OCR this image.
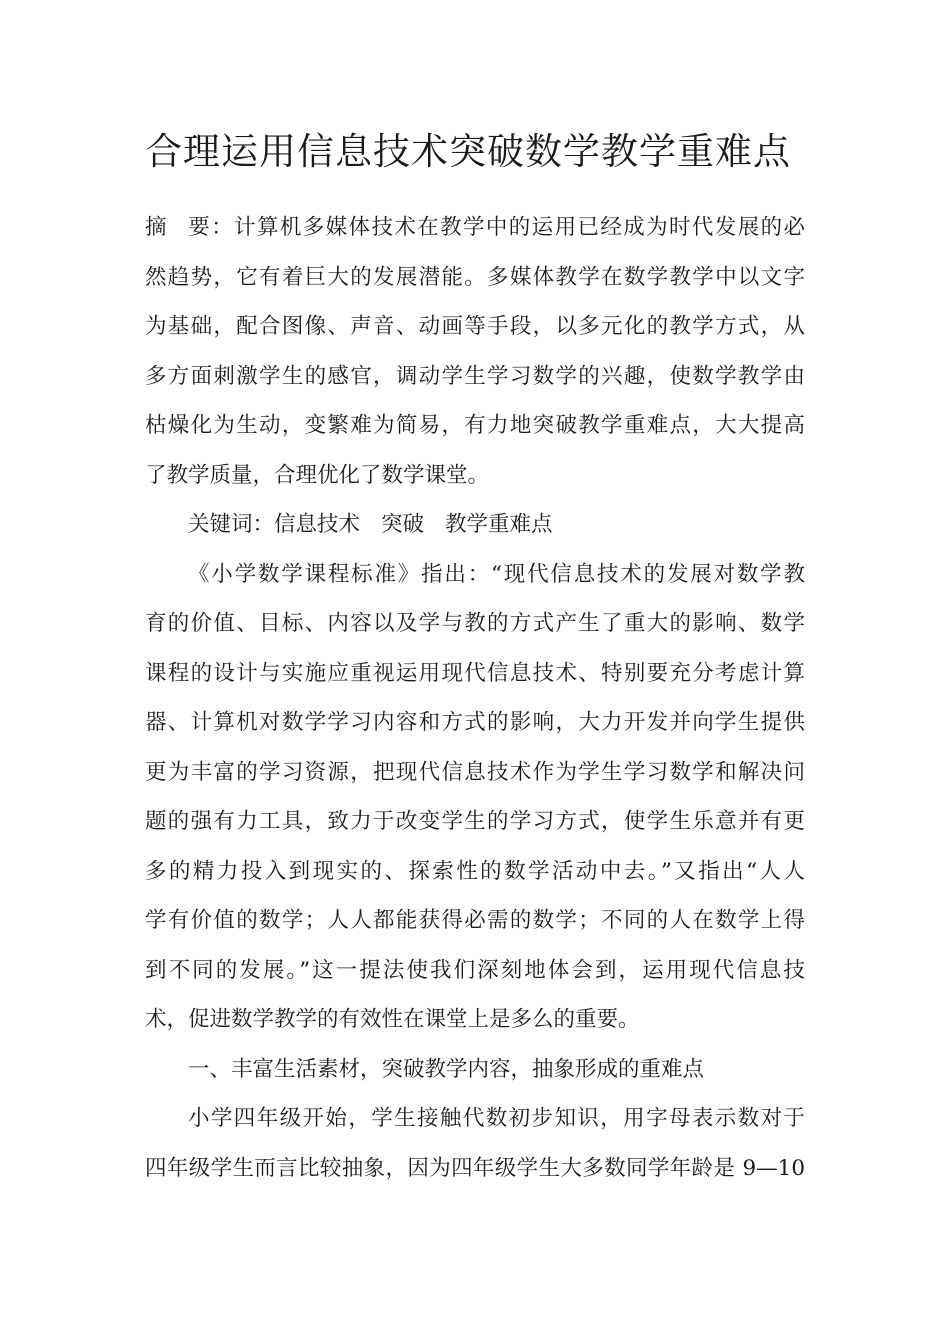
合理运用信息技术突破数学教学重难点
摘 要：计算机多媒体技术在教学中的运用已经成为时代发展的必
然趋势，它有着巨大的发展潜能。多媒体教学在数学教学中以文字
为基础，配合图像、声音、动画等手段，以多元化的教学方式，从
多方面刺激学生的感官，调动学生学习数学的兴趣，使数学教学由
枯燥化为生动，变繁难为简易，有力地突破教学重难点，大大提高
了教学质量，合理优化了数学课堂。
关键词：信息技术 突破 教学重难点
《小学数学课程标准》指出：“现代信息技术的发展对数学教
育的价值、目标、内容以及学与教的方式产生了重大的影响、数学
课程的设计与实施应重视运用现代信息技术、特别要充分考虑计算
器、计算机对数学学习内容和方式的影响，大力开发并向学生提供
更为丰富的学习资源，把现代信息技术作为学生学习数学和解决问
题的强有力工具，致力于改变学生的学习方式，使学生乐意并有更
多的精力投入到现实的、探索性的数学活动中去。”又指出“人人
学有价值的数学；人人都能获得必需的数学；不同的人在数学上得
到不同的发展。”这一提法使我们深刻地体会到，运用现代信息技
术，促进数学教学的有效性在课堂上是多么的重要。
一、丰富生活素材，突破教学内容，抽象形成的重难点
小学四年级开始，学生接触代数初步知识，用字母表示数对于
四年级学生而言比较抽象，因为四年级学生大多数同学年龄是 9—10
